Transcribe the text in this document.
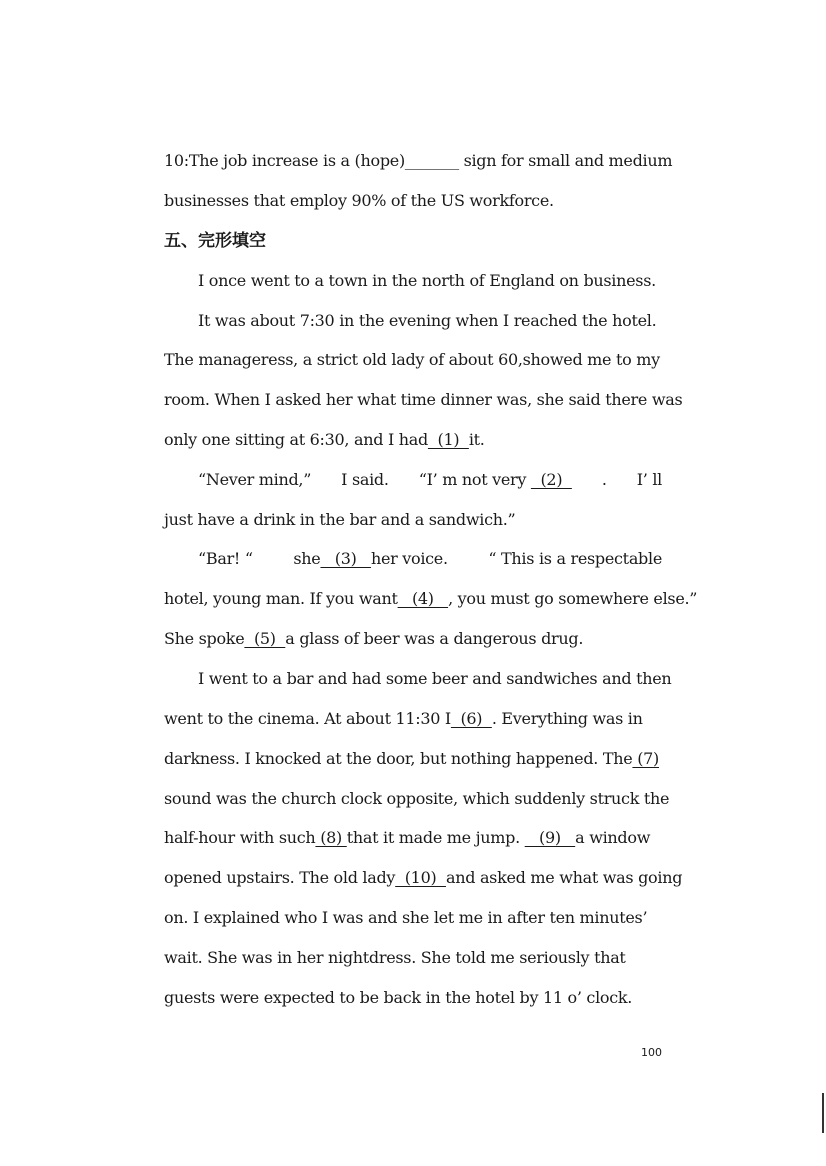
10:The job increase is a (hope)_______ sign for small and medium
businesses that employ 90% of the US workforce.
五、完形填空
I once went to a town in the north of England on business.
It was about 7:30 in the evening when I reached the hotel.
The manageress, a strict old lady of about 60,showed me to my
room. When I asked her what time dinner was, she said there was
only one sitting at 6:30, and I had  (1)  it.
“Never mind,” I said. “I’ m not very   (2) . I’ ll
just have a drink in the bar and a sandwich.”
“Bar! “	she   (3)   her voice.	“ This is a respectable
hotel, young man. If you want   (4)   , you must go somewhere else.”
She spoke  (5)  a glass of beer was a dangerous drug.
I went to a bar and had some beer and sandwiches and then
went to the cinema. At about 11:30 I  (6)  . Everything was in
darkness. I knocked at the door, but nothing happened. The (7)
sound was the church clock opposite, which suddenly struck the
half-hour with such (8) that it made me jump.    (9)   a window
opened upstairs. The old lady  (10)  and asked me what was going
on. I explained who I was and she let me in after ten minutes’
wait. She was in her nightdress. She told me seriously that
guests were expected to be back in the hotel by 11 o’ clock.
100
